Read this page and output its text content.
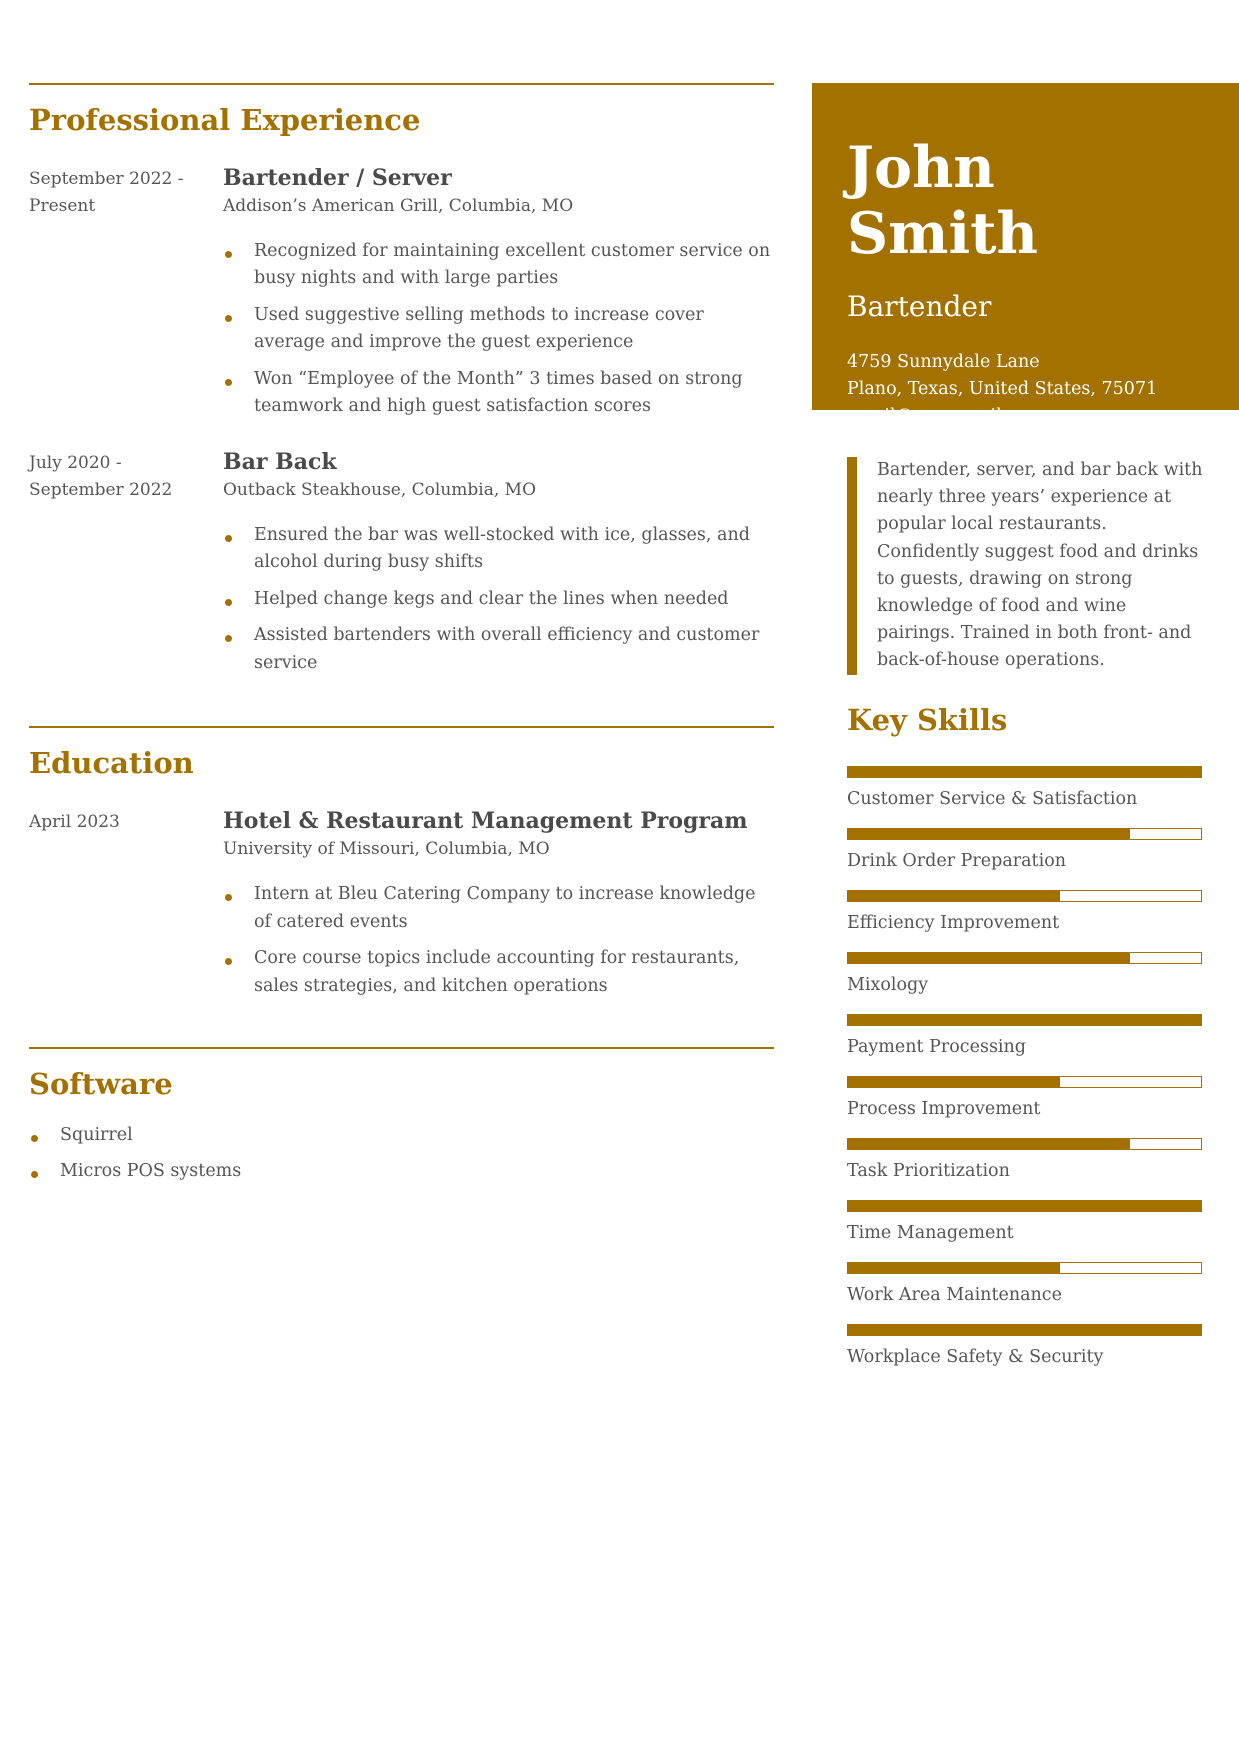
Professional Experience
September 2022 -
Present
Bartender / Server
Addison’s American Grill, Columbia, MO
Recognized for maintaining excellent customer service on busy nights and with large parties
Used suggestive selling methods to increase cover average and improve the guest experience
Won “Employee of the Month” 3 times based on strong teamwork and high guest satisfaction scores
July 2020 -
September 2022
Bar Back
Outback Steakhouse, Columbia, MO
Ensured the bar was well-stocked with ice, glasses, and alcohol during busy shifts
Helped change kegs and clear the lines when needed
Assisted bartenders with overall efficiency and customer service
Education
April 2023	Hotel & Restaurant Management Program
University of Missouri, Columbia, MO
Intern at Bleu Catering Company to increase knowledge of catered events
Core course topics include accounting for restaurants, sales strategies, and kitchen operations
Software
Squirrel
Micros POS systems
John Smith
Bartender
4759 Sunnydale Lane
Plano, Texas, United States, 75071
email@youremail.com
123-456-7890
Bartender, server, and bar back with nearly three years’ experience at popular local restaurants. Confidently suggest food and drinks to guests, drawing on strong knowledge of food and wine pairings. Trained in both front- and back-of-house operations.
Key Skills
Customer Service & Satisfaction
Drink Order Preparation
Efficiency Improvement
Mixology
Payment Processing
Process Improvement
Task Prioritization
Time Management
Work Area Maintenance
Workplace Safety & Security
